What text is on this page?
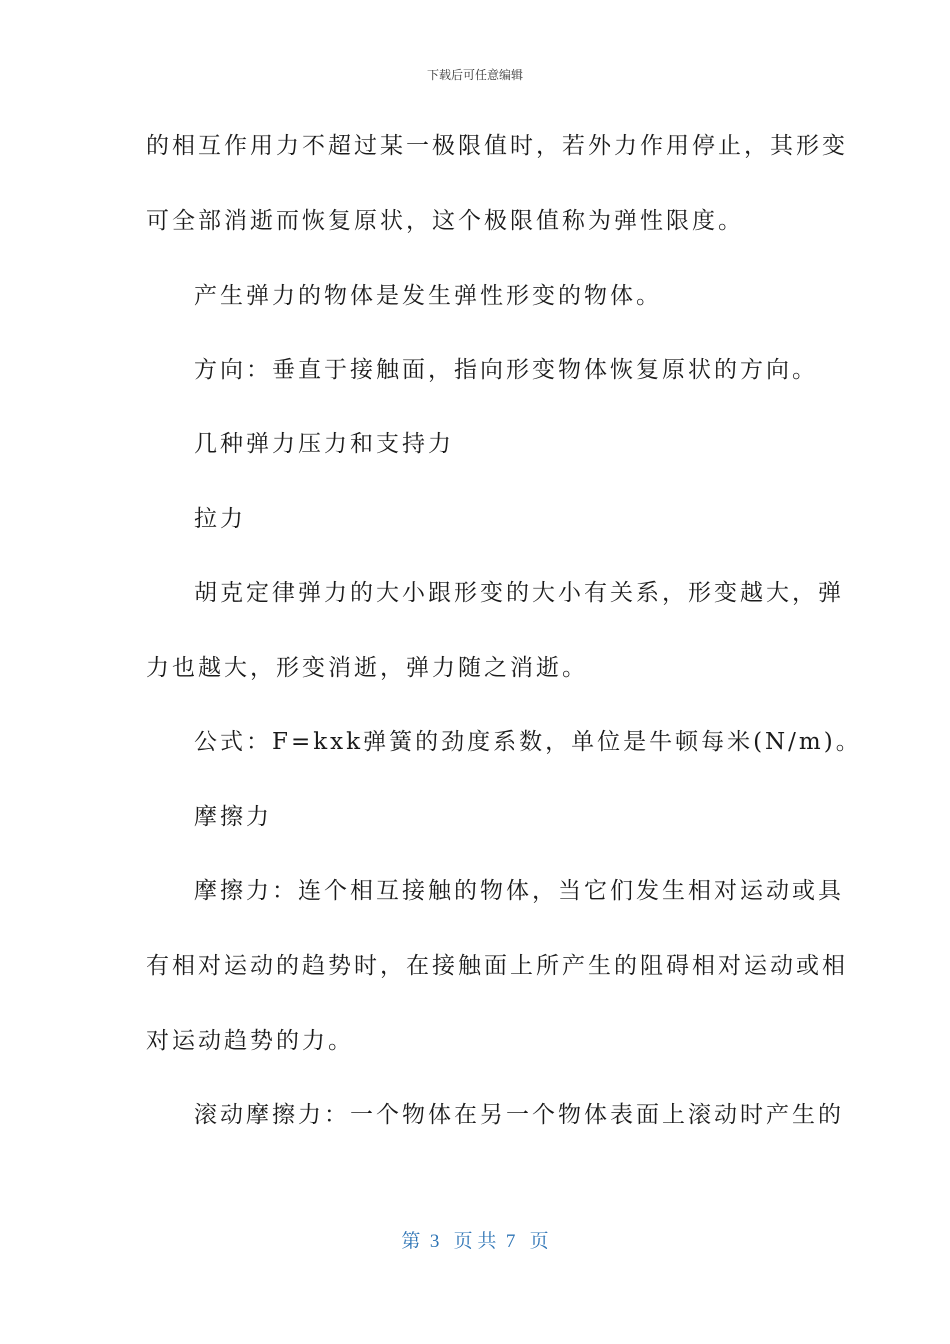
下载后可任意编辑
的相互作用力不超过某一极限值时，若外力作用停止，其形变
可全部消逝而恢复原状，这个极限值称为弹性限度。
产生弹力的物体是发生弹性形变的物体。
方向：垂直于接触面，指向形变物体恢复原状的方向。
几种弹力压力和支持力
拉力
胡克定律弹力的大小跟形变的大小有关系，形变越大，弹
力也越大，形变消逝，弹力随之消逝。
公式：F=kxk弹簧的劲度系数，单位是牛顿每米(N/m)。
摩擦力
摩擦力：连个相互接触的物体，当它们发生相对运动或具
有相对运动的趋势时，在接触面上所产生的阻碍相对运动或相
对运动趋势的力。
滚动摩擦力：一个物体在另一个物体表面上滚动时产生的
第  3   页 共  7   页
